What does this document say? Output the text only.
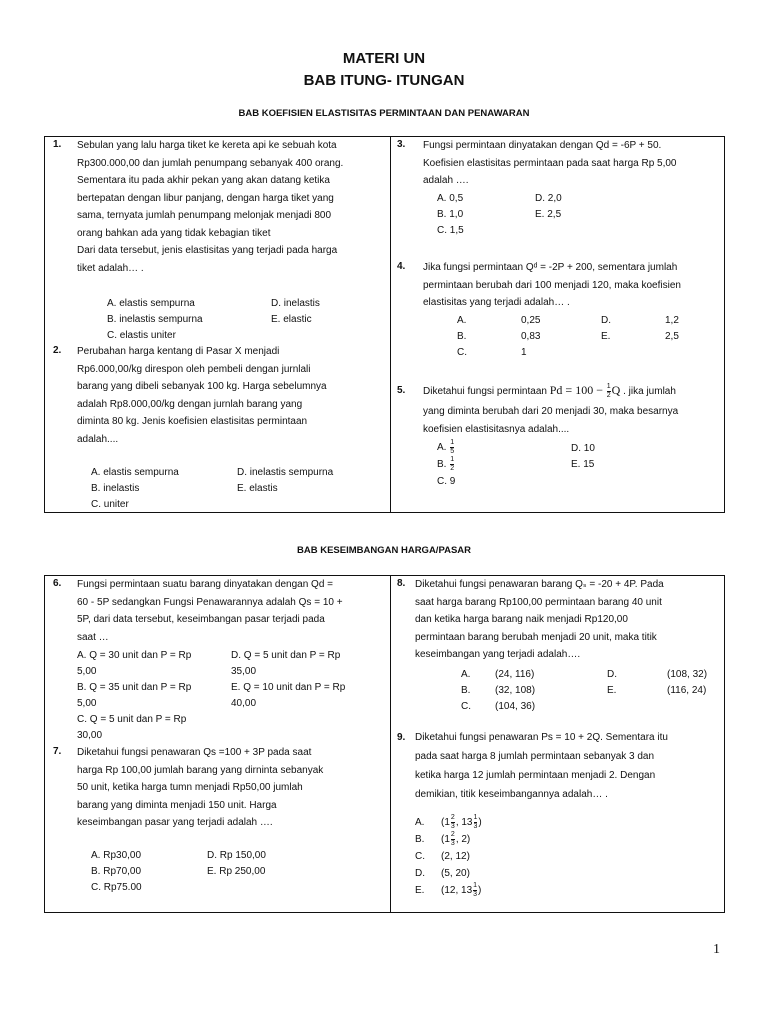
MATERI UN
BAB ITUNG- ITUNGAN
BAB KOEFISIEN ELASTISITAS PERMINTAAN DAN PENAWARAN
1. Sebulan yang lalu harga tiket ke kereta api ke sebuah kota
Rp300.000,00 dan jumlah penumpang sebanyak 400 orang.
Sementara itu pada akhir pekan yang akan datang ketika
bertepatan dengan libur panjang, dengan harga tiket yang
sama, ternyata jumlah penumpang melonjak menjadi 800
orang bahkan ada yang tidak kebagian tiket
Dari data tersebut, jenis elastisitas yang terjadi pada harga
tiket adalah… .
A. elastis sempurna
B. inelastis sempurna
C. elastis uniter
D. inelastis
E. elastic
2. Perubahan harga kentang di Pasar X menjadi
Rp6.000,00/kg direspon oleh pembeli dengan jurnlali
barang yang dibeli sebanyak 100 kg. Harga sebelumnya
adalah Rp8.000,00/kg dengan jurnlah barang yang
diminta 80 kg. Jenis koefisien elastisitas permintaan
adalah....
A. elastis sempurna
B. inelastis
C. uniter
D. inelastis sempurna
E. elastis
3. Fungsi permintaan dinyatakan dengan Qd = -6P + 50.
Koefisien elastisitas permintaan pada saat harga Rp 5,00
adalah ….
A. 0,5
B. 1,0
C. 1,5
D. 2,0
E. 2,5
4. Jika fungsi permintaan Qᵈ = -2P + 200, sementara jumlah
permintaan berubah dari 100 menjadi 120, maka koefisien
elastisitas yang terjadi adalah… .
A.
B.
C.
0,25
0,83
1
D.
E.
1,2
2,5
5. Diketahui fungsi permintaan $Pd = 100 - \frac{1}{2}$ Q . jika jumlah
yang diminta berubah dari 20 menjadi 30, maka besarnya
koefisien elastisitasnya adalah....
A. $\frac{1}{5}$
B. $\frac{1}{2}$
C. 9
D. 10
E. 15
BAB KESEIMBANGAN HARGA/PASAR
6. Fungsi permintaan suatu barang dinyatakan dengan Qd =
60 - 5P sedangkan Fungsi Penawarannya adalah Qs = 10 +
5P, dari data tersebut, keseimbangan pasar terjadi pada
saat …
A. Q = 30 unit dan P = Rp
5,00
B. Q = 35 unit dan P = Rp
5,00
C. Q = 5 unit dan P = Rp
30,00
D. Q = 5 unit dan P = Rp
35,00
E. Q = 10 unit dan P = Rp
40,00
7. Diketahui fungsi penawaran Qs =100 + 3P pada saat
harga Rp 100,00 jumlah barang yang dirninta sebanyak
50 unit, ketika harga tumn menjadi Rp50,00 jumlah
barang yang diminta menjadi 150 unit. Harga
keseimbangan pasar yang terjadi adalah ….
A. Rp30,00
B. Rp70,00
C. Rp75.00
D. Rp 150,00
E. Rp 250,00
8. Diketahui fungsi penawaran barang Qₛ = -20 + 4P. Pada
saat harga barang Rp100,00 permintaan barang 40 unit
dan ketika harga barang naik menjadi Rp120,00
permintaan barang berubah menjadi 20 unit, maka titik
keseimbangan yang terjadi adalah….
A.
B.
C.
(24, 116)
(32, 108)
(104, 36)
D.
E.
(108, 32)
(116, 24)
9. Diketahui fungsi penawaran Ps = 10 + 2Q. Sementara itu
pada saat harga 8 jumlah permintaan sebanyak 3 dan
ketika harga 12 jumlah permintaan menjadi 2. Dengan
demikian, titik keseimbangannya adalah… .
A. ($1 \frac{2}{3}$ , $13 \frac{1}{3}$ )
B. ($1 \frac{2}{3}$ , 2)
C. (2, 12)
D. (5, 20)
E. (12, $13 \frac{1}{3}$ )
1
